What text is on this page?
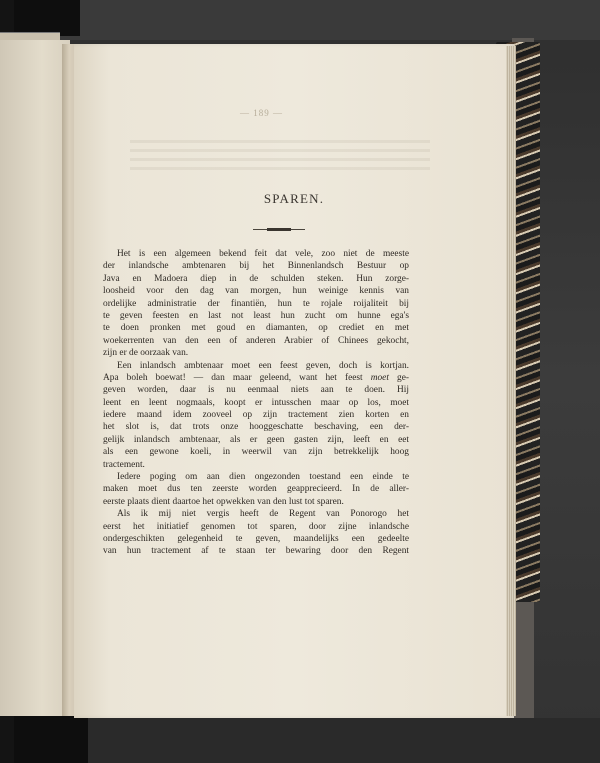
— 189 —
SPAREN.
Het is een algemeen bekend feit dat vele, zoo niet de meeste
der inlandsche ambtenaren bij het Binnenlandsch Bestuur op
Java en Madoera diep in de schulden steken. Hun zorge-
loosheid voor den dag van morgen, hun weinige kennis van
ordelijke administratie der finantiën, hun te rojale roijaliteit bij
te geven feesten en last not least hun zucht om hunne ega's
te doen pronken met goud en diamanten, op crediet en met
woekerrenten van den een of anderen Arabier of Chinees gekocht,
zijn er de oorzaak van.
Een inlandsch ambtenaar moet een feest geven, doch is kortjan.
Apa boleh boewat! — dan maar geleend, want het feest moet ge-
geven worden, daar is nu eenmaal niets aan te doen. Hij
leent en leent nogmaals, koopt er intusschen maar op los, moet
iedere maand idem zooveel op zijn tractement zien korten en
het slot is, dat trots onze hooggeschatte beschaving, een der-
gelijk inlandsch ambtenaar, als er geen gasten zijn, leeft en eet
als een gewone koeli, in weerwil van zijn betrekkelijk hoog
tractement.
Iedere poging om aan dien ongezonden toestand een einde te
maken moet dus ten zeerste worden geapprecieerd. In de aller-
eerste plaats dient daartoe het opwekken van den lust tot sparen.
Als ik mij niet vergis heeft de Regent van Ponorogo het
eerst het initiatief genomen tot sparen, door zijne inlandsche
ondergeschikten gelegenheid te geven, maandelijks een gedeelte
van hun tractement af te staan ter bewaring door den Regent
